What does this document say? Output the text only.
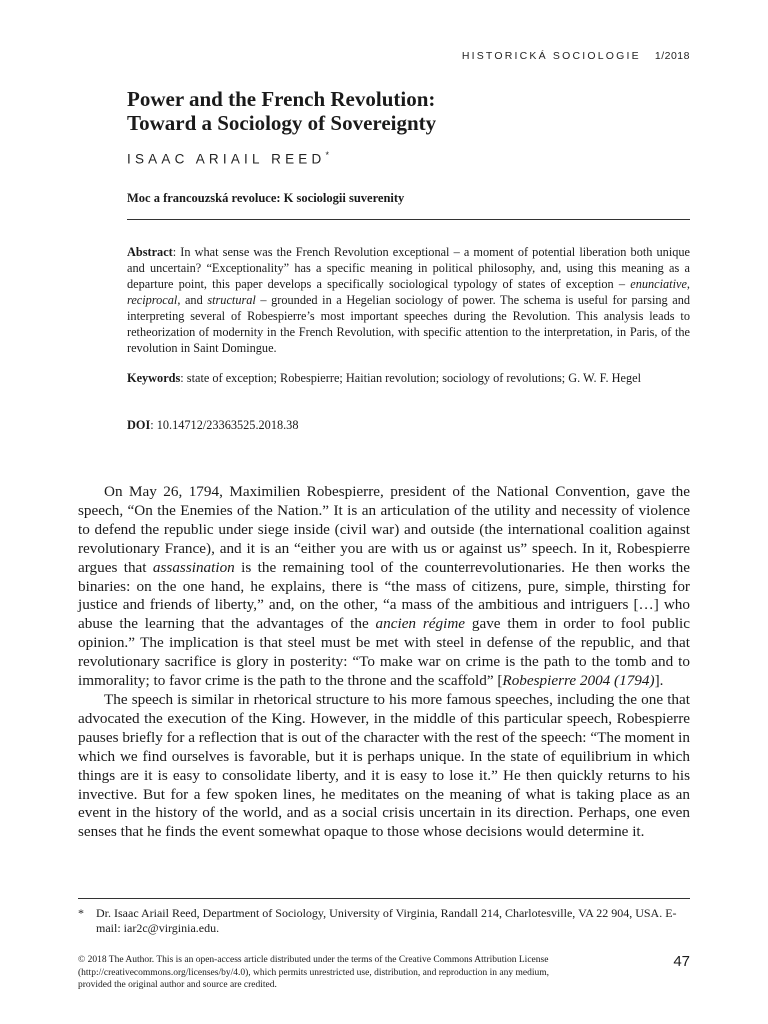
HISTORICKÁ SOCIOLOGIE 1/2018
Power and the French Revolution:
Toward a Sociology of Sovereignty
ISAAC ARIAIL REED*
Moc a francouzská revoluce: K sociologii suverenity

Abstract: In what sense was the French Revolution exceptional – a moment of potential liberation both unique and uncertain? “Exceptionality” has a specific meaning in political philosophy, and, using this meaning as a departure point, this paper develops a specifically sociological typology of states of exception – enunciative, reciprocal, and structural – grounded in a Hegelian sociology of power. The schema is useful for parsing and interpreting several of Robespierre’s most important speeches during the Revolution. This analysis leads to retheorization of modernity in the French Revolution, with specific attention to the interpretation, in Paris, of the revolution in Saint Domingue.

Keywords: state of exception; Robespierre; Haitian revolution; sociology of revolutions; G. W. F. Hegel
DOI: 10.14712/23363525.2018.38

On May 26, 1794, Maximilien Robespierre, president of the National Convention, gave the speech, “On the Enemies of the Nation.” It is an articulation of the utility and necessity of violence to defend the republic under siege inside (civil war) and outside (the international coalition against revolutionary France), and it is an “either you are with us or against us” speech. In it, Robespierre argues that assassination is the remaining tool of the counterrevolutionaries. He then works the binaries: on the one hand, he explains, there is “the mass of citizens, pure, simple, thirsting for justice and friends of liberty,” and, on the other, “a mass of the ambitious and intriguers […] who abuse the learning that the advantages of the ancien régime gave them in order to fool public opinion.” The implication is that steel must be met with steel in defense of the republic, and that revolutionary sacrifice is glory in posterity: “To make war on crime is the path to the tomb and to immorality; to favor crime is the path to the throne and the scaffold” [Robespierre 2004 (1794)].

The speech is similar in rhetorical structure to his more famous speeches, including the one that advocated the execution of the King. However, in the middle of this particular speech, Robespierre pauses briefly for a reflection that is out of the character with the rest of the speech: “The moment in which we find ourselves is favorable, but it is perhaps unique. In the state of equilibrium in which things are it is easy to consolidate liberty, and it is easy to lose it.” He then quickly returns to his invective. But for a few spoken lines, he meditates on the meaning of what is taking place as an event in the history of the world, and as a social crisis uncertain in its direction. Perhaps, one even senses that he finds the event somewhat opaque to those whose decisions would determine it.

* Dr. Isaac Ariail Reed, Department of Sociology, University of Virginia, Randall 214, Charlotesville, VA 22 904, USA. E-mail: iar2c@virginia.edu.
© 2018 The Author. This is an open-access article distributed under the terms of the Creative Commons Attribution License
(http://creativecommons.org/licenses/by/4.0), which permits unrestricted use, distribution, and reproduction in any medium,
provided the original author and source are credited.
47
